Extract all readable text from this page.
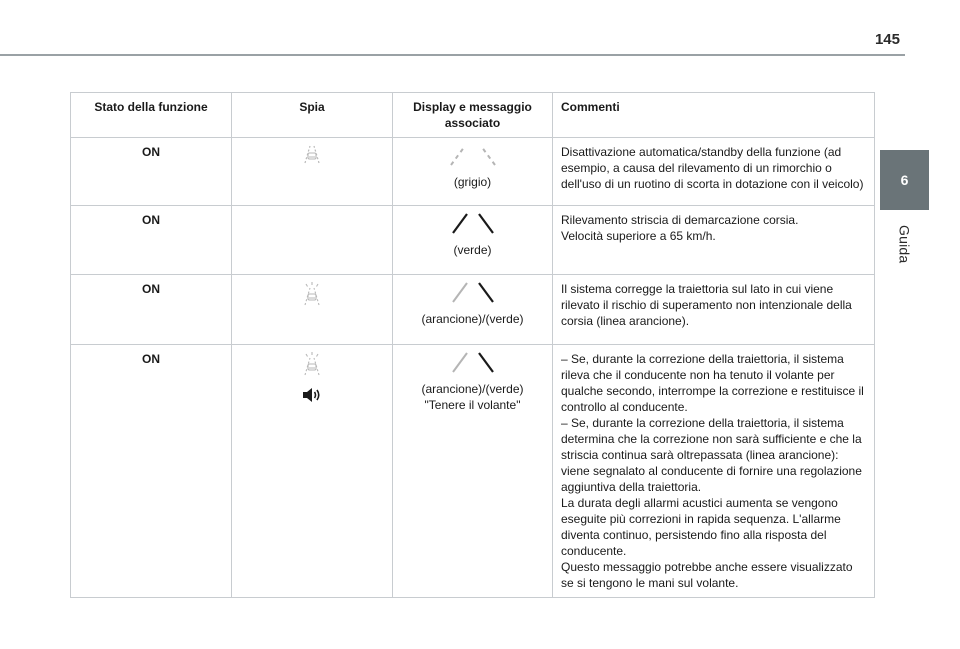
145
6
Guida
Stato della funzione	Spia	Display e messaggio associato	Commenti
ON		(grigio)	Disattivazione automatica/standby della funzione (ad esempio, a causa del rilevamento di un rimorchio o dell'uso di un ruotino di scorta in dotazione con il veicolo)

ON		(verde)	Rilevamento striscia di demarcazione corsia.
Velocità superiore a 65 km/h.

ON		(arancione)/(verde)	Il sistema corregge la traiettoria sul lato in cui viene rilevato il rischio di superamento non intenzionale della corsia (linea arancione).

ON		(arancione)/(verde)
"Tenere il volante"	– Se, durante la correzione della traiettoria, il sistema rileva che il conducente non ha tenuto il volante per qualche secondo, interrompe la correzione e restituisce il controllo al conducente.
– Se, durante la correzione della traiettoria, il sistema determina che la correzione non sarà sufficiente e che la striscia continua sarà oltrepassata (linea arancione): viene segnalato al conducente di fornire una regolazione aggiuntiva della traiettoria.
La durata degli allarmi acustici aumenta se vengono eseguite più correzioni in rapida sequenza. L'allarme diventa continuo, persistendo fino alla risposta del conducente.
Questo messaggio potrebbe anche essere visualizzato se si tengono le mani sul volante.
